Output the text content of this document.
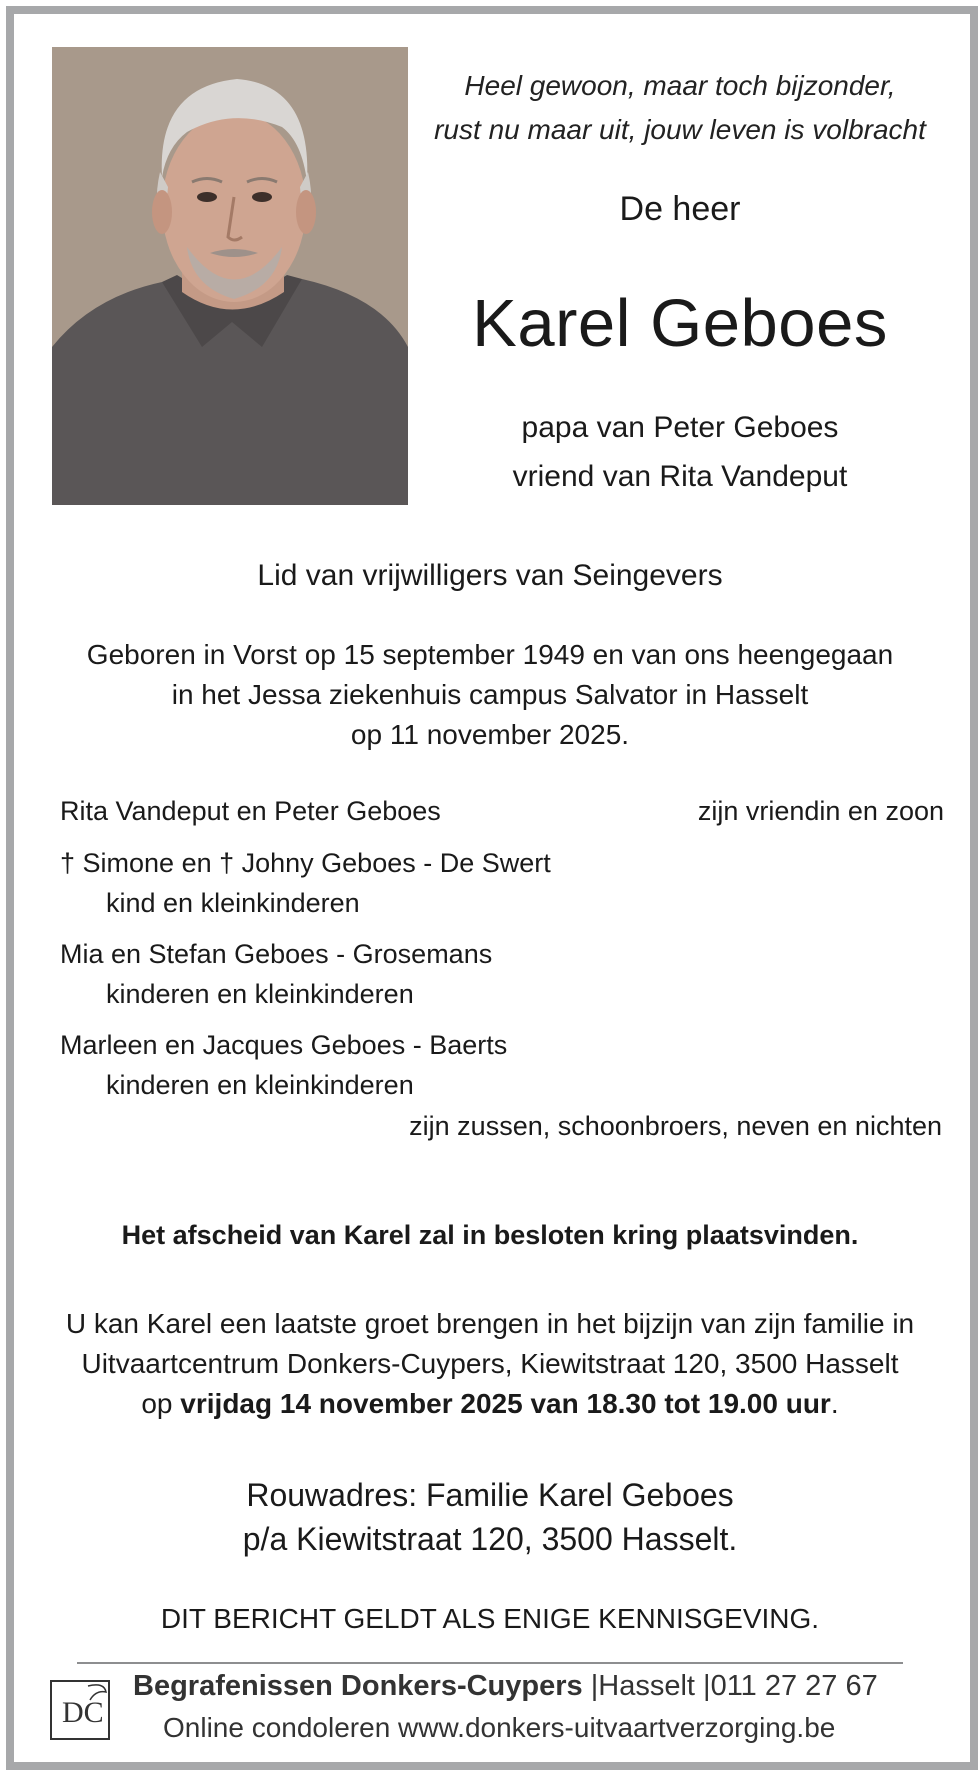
Heel gewoon, maar toch bijzonder,
rust nu maar uit, jouw leven is volbracht
De heer
Karel Geboes
papa van Peter Geboes
vriend van Rita Vandeput
Lid van vrijwilligers van Seingevers
Geboren in Vorst op 15 september 1949 en van ons heengegaan
in het Jessa ziekenhuis campus Salvator in Hasselt
op 11 november 2025.
Rita Vandeput en Peter Geboes	zijn vriendin en zoon
† Simone en † Johny Geboes - De Swert
kind en kleinkinderen
Mia en Stefan Geboes - Grosemans
kinderen en kleinkinderen
Marleen en Jacques Geboes - Baerts
kinderen en kleinkinderen
zijn zussen, schoonbroers, neven en nichten
Het afscheid van Karel zal in besloten kring plaatsvinden.
U kan Karel een laatste groet brengen in het bijzijn van zijn familie in
Uitvaartcentrum Donkers-Cuypers, Kiewitstraat 120, 3500 Hasselt
op vrijdag 14 november 2025 van 18.30 tot 19.00 uur.
Rouwadres: Familie Karel Geboes
p/a Kiewitstraat 120, 3500 Hasselt.
DIT BERICHT GELDT ALS ENIGE KENNISGEVING.
DC
Begrafenissen Donkers-Cuypers |Hasselt |011 27 27 67
Online condoleren www.donkers-uitvaartverzorging.be
